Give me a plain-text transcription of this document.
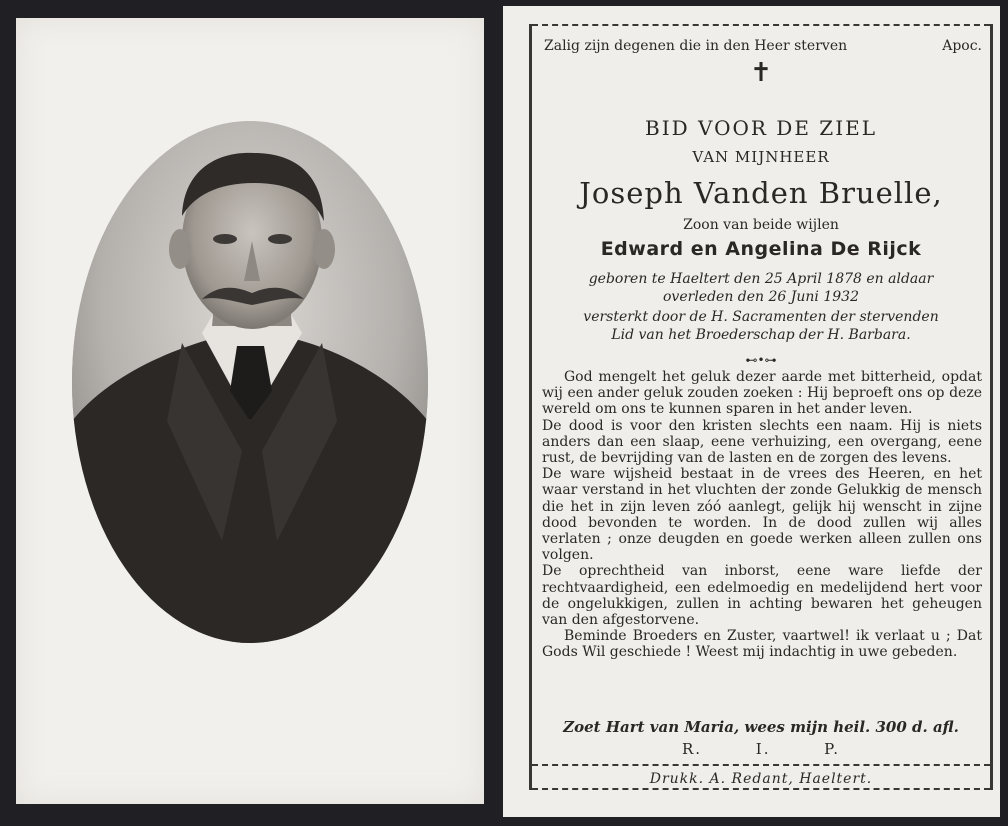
Zalig zijn degenen die in den Heer sterven	Apoc.
✝
BID VOOR DE ZIEL
VAN MIJNHEER
Joseph Vanden Bruelle,
Zoon van beide wijlen
Edward en Angelina De Rijck
geboren te Haeltert den 25 April 1878 en aldaar
overleden den 26 Juni 1932
versterkt door de H. Sacramenten der stervenden
Lid van het Broederschap der H. Barbara.
⊷•⊶

God mengelt het geluk dezer aarde met bitterheid, opdat wij een ander geluk zouden zoeken : Hij beproeft ons op deze wereld om ons te kunnen sparen in het ander leven.

De dood is voor den kristen slechts een naam. Hij is niets anders dan een slaap, eene verhuizing, een overgang, eene rust, de bevrijding van de lasten en de zorgen des levens.

De ware wijsheid bestaat in de vrees des Heeren, en het waar verstand in het vluchten der zonde Gelukkig de mensch die het in zijn leven zóó aanlegt, gelijk hij wenscht in zijne dood bevonden te worden. In de dood zullen wij alles verlaten ; onze deugden en goede werken alleen zullen ons volgen.

De oprechtheid van inborst, eene ware liefde der rechtvaardigheid, een edelmoedig en medelijdend hert voor de ongelukkigen, zullen in achting bewaren het geheugen van den afgestorvene.

Beminde Broeders en Zuster, vaartwel! ik verlaat u ; Dat Gods Wil geschiede ! Weest mij indachtig in uwe gebeden.

Zoet Hart van Maria, wees mijn heil. 300 d. afl.
R.	I.	P.
Drukk. A. Redant, Haeltert.
